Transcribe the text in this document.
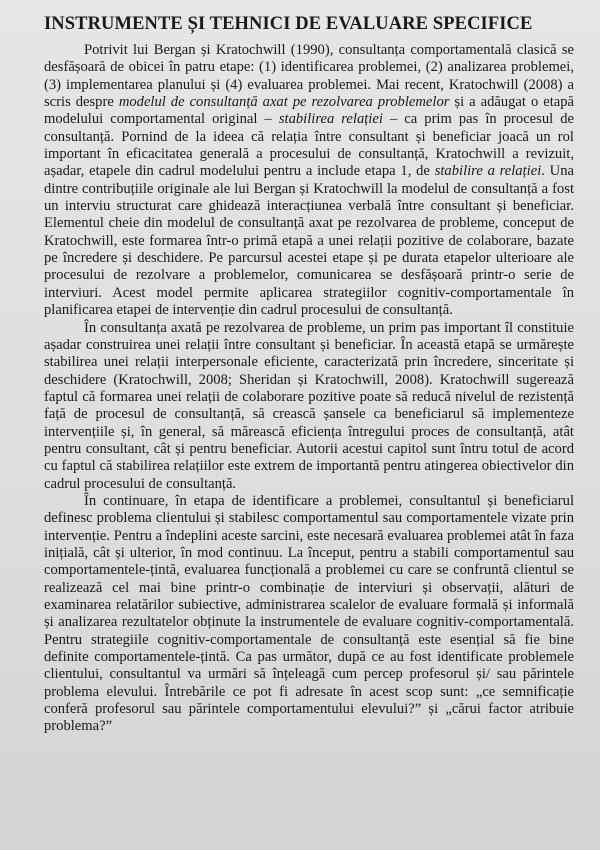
INSTRUMENTE ȘI TEHNICI DE EVALUARE SPECIFICE

Potrivit lui Bergan și Kratochwill (1990), consultanța comportamentală clasică se desfășoară de obicei în patru etape: (1) identificarea problemei, (2) analizarea problemei, (3) implementarea planului și (4) evaluarea problemei. Mai recent, Kratochwill (2008) a scris despre modelul de consultanță axat pe rezolvarea problemelor și a adăugat o etapă modelului comportamental original – stabilirea relației – ca prim pas în procesul de consultanță. Pornind de la ideea că relația între consultant și beneficiar joacă un rol important în eficacitatea generală a procesului de consultanță, Kratochwill a revizuit, așadar, etapele din cadrul modelului pentru a include etapa 1, de stabilire a relației. Una dintre contribuțiile originale ale lui Bergan și Kratochwill la modelul de consultanță a fost un interviu structurat care ghidează interacțiunea verbală între consultant și beneficiar. Elementul cheie din modelul de consultanță axat pe rezolvarea de probleme, conceput de Kratochwill, este formarea într-o primă etapă a unei relații pozitive de colaborare, bazate pe încredere și deschidere. Pe parcursul acestei etape și pe durata etapelor ulterioare ale procesului de rezolvare a problemelor, comunicarea se desfășoară printr-o serie de interviuri. Acest model permite aplicarea strategiilor cognitiv-comportamentale în planificarea etapei de intervenție din cadrul procesului de consultanță.

În consultanța axată pe rezolvarea de probleme, un prim pas important îl constituie așadar construirea unei relații între consultant și beneficiar. În această etapă se urmărește stabilirea unei relații interpersonale eficiente, caracterizată prin încredere, sinceritate și deschidere (Kratochwill, 2008; Sheridan și Kratochwill, 2008). Kratochwill sugerează faptul că formarea unei relații de colaborare pozitive poate să reducă nivelul de rezistență față de procesul de consultanță, să crească șansele ca beneficiarul să implementeze intervențiile și, în general, să mărească eficiența întregului proces de consultanță, atât pentru consultant, cât și pentru beneficiar. Autorii acestui capitol sunt întru totul de acord cu faptul că stabilirea relațiilor este extrem de importantă pentru atingerea obiectivelor din cadrul procesului de consultanță.

În continuare, în etapa de identificare a problemei, consultantul și beneficiarul definesc problema clientului și stabilesc comportamentul sau comportamentele vizate prin intervenție. Pentru a îndeplini aceste sarcini, este necesară evaluarea problemei atât în faza inițială, cât și ulterior, în mod continuu. La început, pentru a stabili comportamentul sau comportamentele-țintă, evaluarea funcțională a problemei cu care se confruntă clientul se realizează cel mai bine printr-o combinație de interviuri și observații, alături de examinarea relatărilor subiective, administrarea scalelor de evaluare formală și informală și analizarea rezultatelor obținute la instrumentele de evaluare cognitiv-comportamentală. Pentru strategiile cognitiv-comportamentale de consultanță este esențial să fie bine definite comportamentele-țintă. Ca pas următor, după ce au fost identificate problemele clientului, consultantul va urmări să înțeleagă cum percep profesorul și/ sau părintele problema elevului. Întrebările ce pot fi adresate în acest scop sunt: „ce semnificație conferă profesorul sau părintele comportamentului elevului?” și „cărui factor atribuie problema?”
